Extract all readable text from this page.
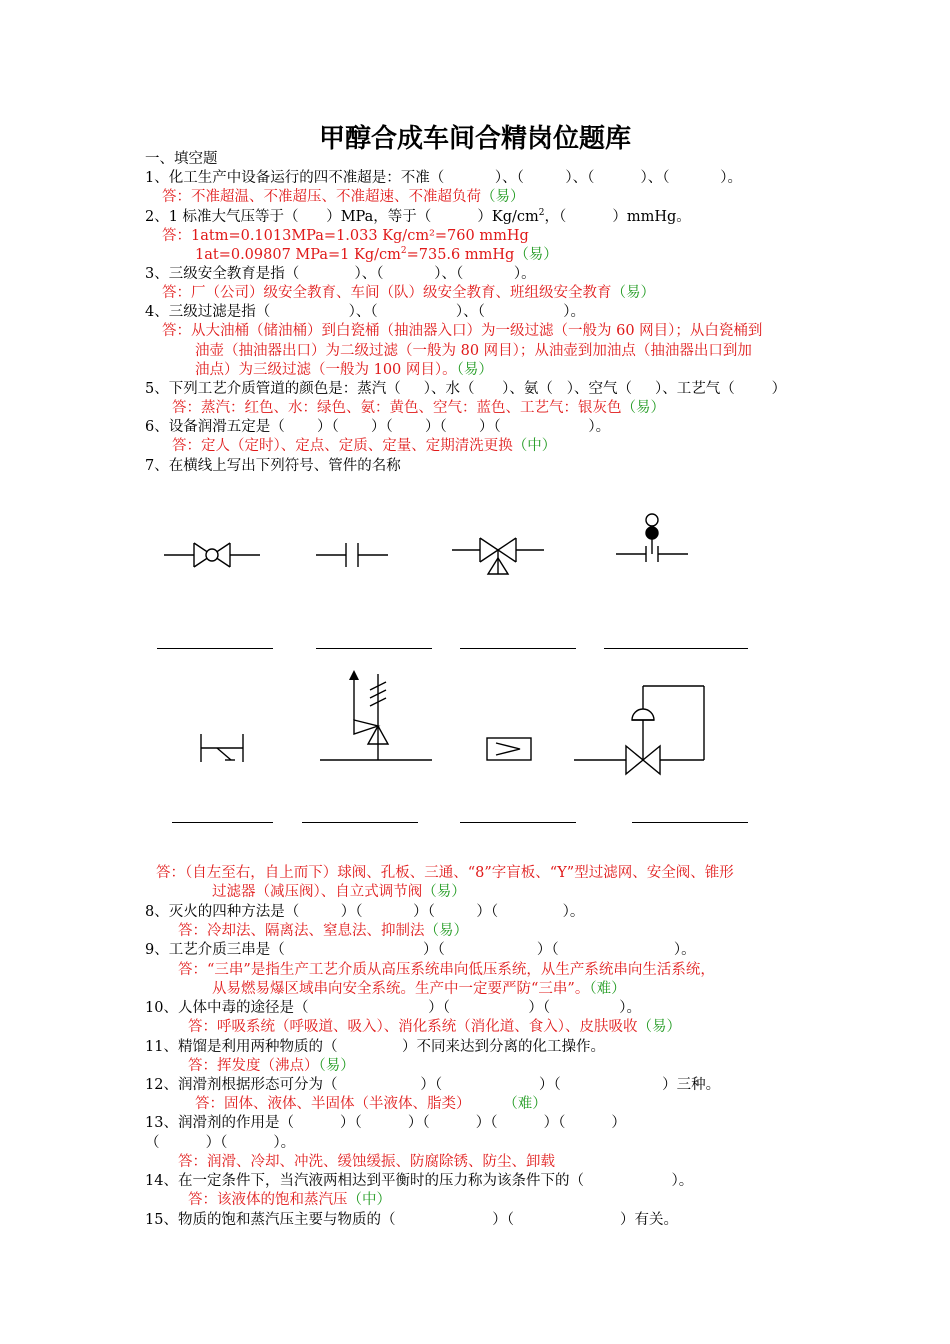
甲醇合成车间合精岗位题库
一、填空题
1、化工生产中设备运行的四不准超是：不准（           ）、（         ）、（          ）、（           ）。
答：不准超温、不准超压、不准超速、不准超负荷（易）
2、1 标准大气压等于（      ）MPa，等于（          ）$Kg/cm^2$，（          ）mmHg。
答：1atm=0.1013MPa=1.033 Kg/cm²=760 mmHg
1at=0.09807 MPa=1 $Kg/cm^2=735.6$ mmHg（易）
3、三级安全教育是指（            ）、（           ）、（           ）。
答：厂（公司）级安全教育、车间（队）级安全教育、班组级安全教育（易）
4、三级过滤是指（                 ）、（                 ）、（                 ）。
答：从大油桶（储油桶）到白瓷桶（抽油器入口）为一级过滤（一般为 60 网目）；从白瓷桶到
油壶（抽油器出口）为二级过滤（一般为 80 网目）；从油壶到加油点（抽油器出口到加
油点）为三级过滤（一般为 100 网目）。（易）
5、下列工艺介质管道的颜色是：蒸汽（     ）、水（      ）、氨（   ）、空气（     ）、工艺气（        ）
答：蒸汽：红色、水：绿色、氨：黄色、空气：蓝色、工艺气：银灰色（易）
6、设备润滑五定是（       ）（       ）（       ）（       ）（                   ）。
答：定人（定时）、定点、定质、定量、定期清洗更换（中）
7、在横线上写出下列符号、管件的名称
答：（自左至右，自上而下）球阀、孔板、三通、“8”字盲板、“Y”型过滤网、安全阀、锥形
过滤器（减压阀）、自立式调节阀（易）
8、灭火的四种方法是（         ）（           ）（         ）（              ）。
答：冷却法、隔离法、窒息法、抑制法（易）
9、工艺介质三串是（                              ）（                    ）（                         ）。
答：“三串”是指生产工艺介质从高压系统串向低压系统，从生产系统串向生活系统，
从易燃易爆区域串向安全系统。生产中一定要严防“三串”。（难）
10、人体中毒的途径是（                          ）（                 ）（               ）。
答：呼吸系统（呼吸道、吸入）、消化系统（消化道、食入）、皮肤吸收（易）
11、精馏是利用两种物质的（              ）不同来达到分离的化工操作。
答：挥发度（沸点）（易）
12、润滑剂根据形态可分为（                  ）（                     ）（                      ）三种。
答：固体、液体、半固体（半液体、脂类）	（难）
13、润滑剂的作用是（          ）（          ）（          ）（          ）（          ）
（          ）（          ）。
答：润滑、冷却、冲洗、缓蚀缓振、防腐除锈、防尘、卸载
14、在一定条件下，当汽液两相达到平衡时的压力称为该条件下的（                   ）。
答：该液体的饱和蒸汽压（中）
15、物质的饱和蒸汽压主要与物质的（                     ）（                       ）有关。
